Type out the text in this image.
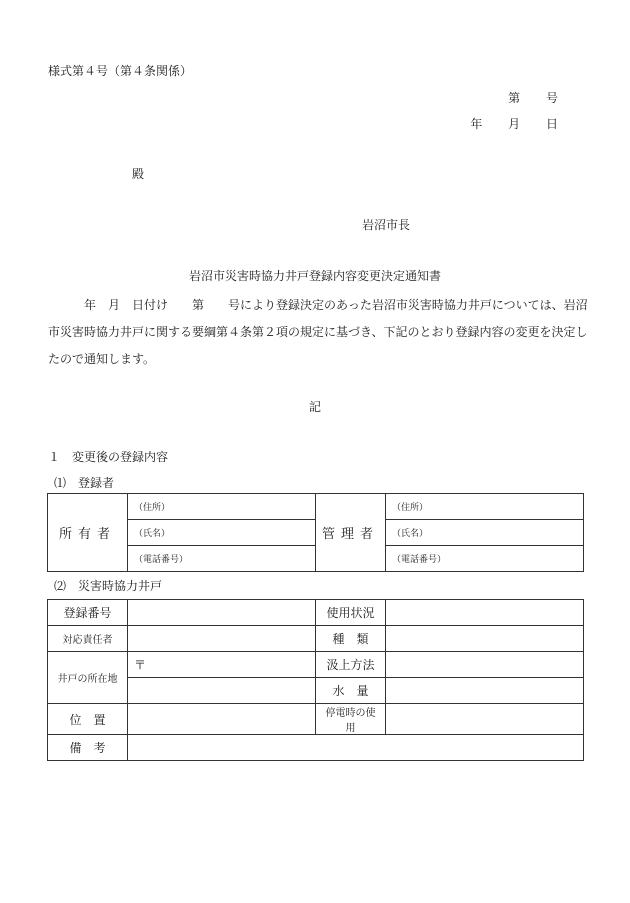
様式第４号（第４条関係）
第 号
年 月 日
殿
岩沼市長
岩沼市災害時協力井戸登録内容変更決定通知書
年　月　日付け　　第　　号により登録決定のあった岩沼市災害時協力井戸については、岩沼市災害時協力井戸に関する要綱第４条第２項の規定に基づき、下記のとおり登録内容の変更を決定したので通知します。
記
１　変更後の登録内容
⑴　登録者
所有者	（住所）	管理者	（住所）
	（氏名）		（氏名）
	（電話番号）		（電話番号）
⑵　災害時協力井戸
登録番号		使用状況	
対応責任者		種　類	
井戸の所在地	〒	汲上方法	
		水　量	
位　置		停電時の使用	
備　考			
